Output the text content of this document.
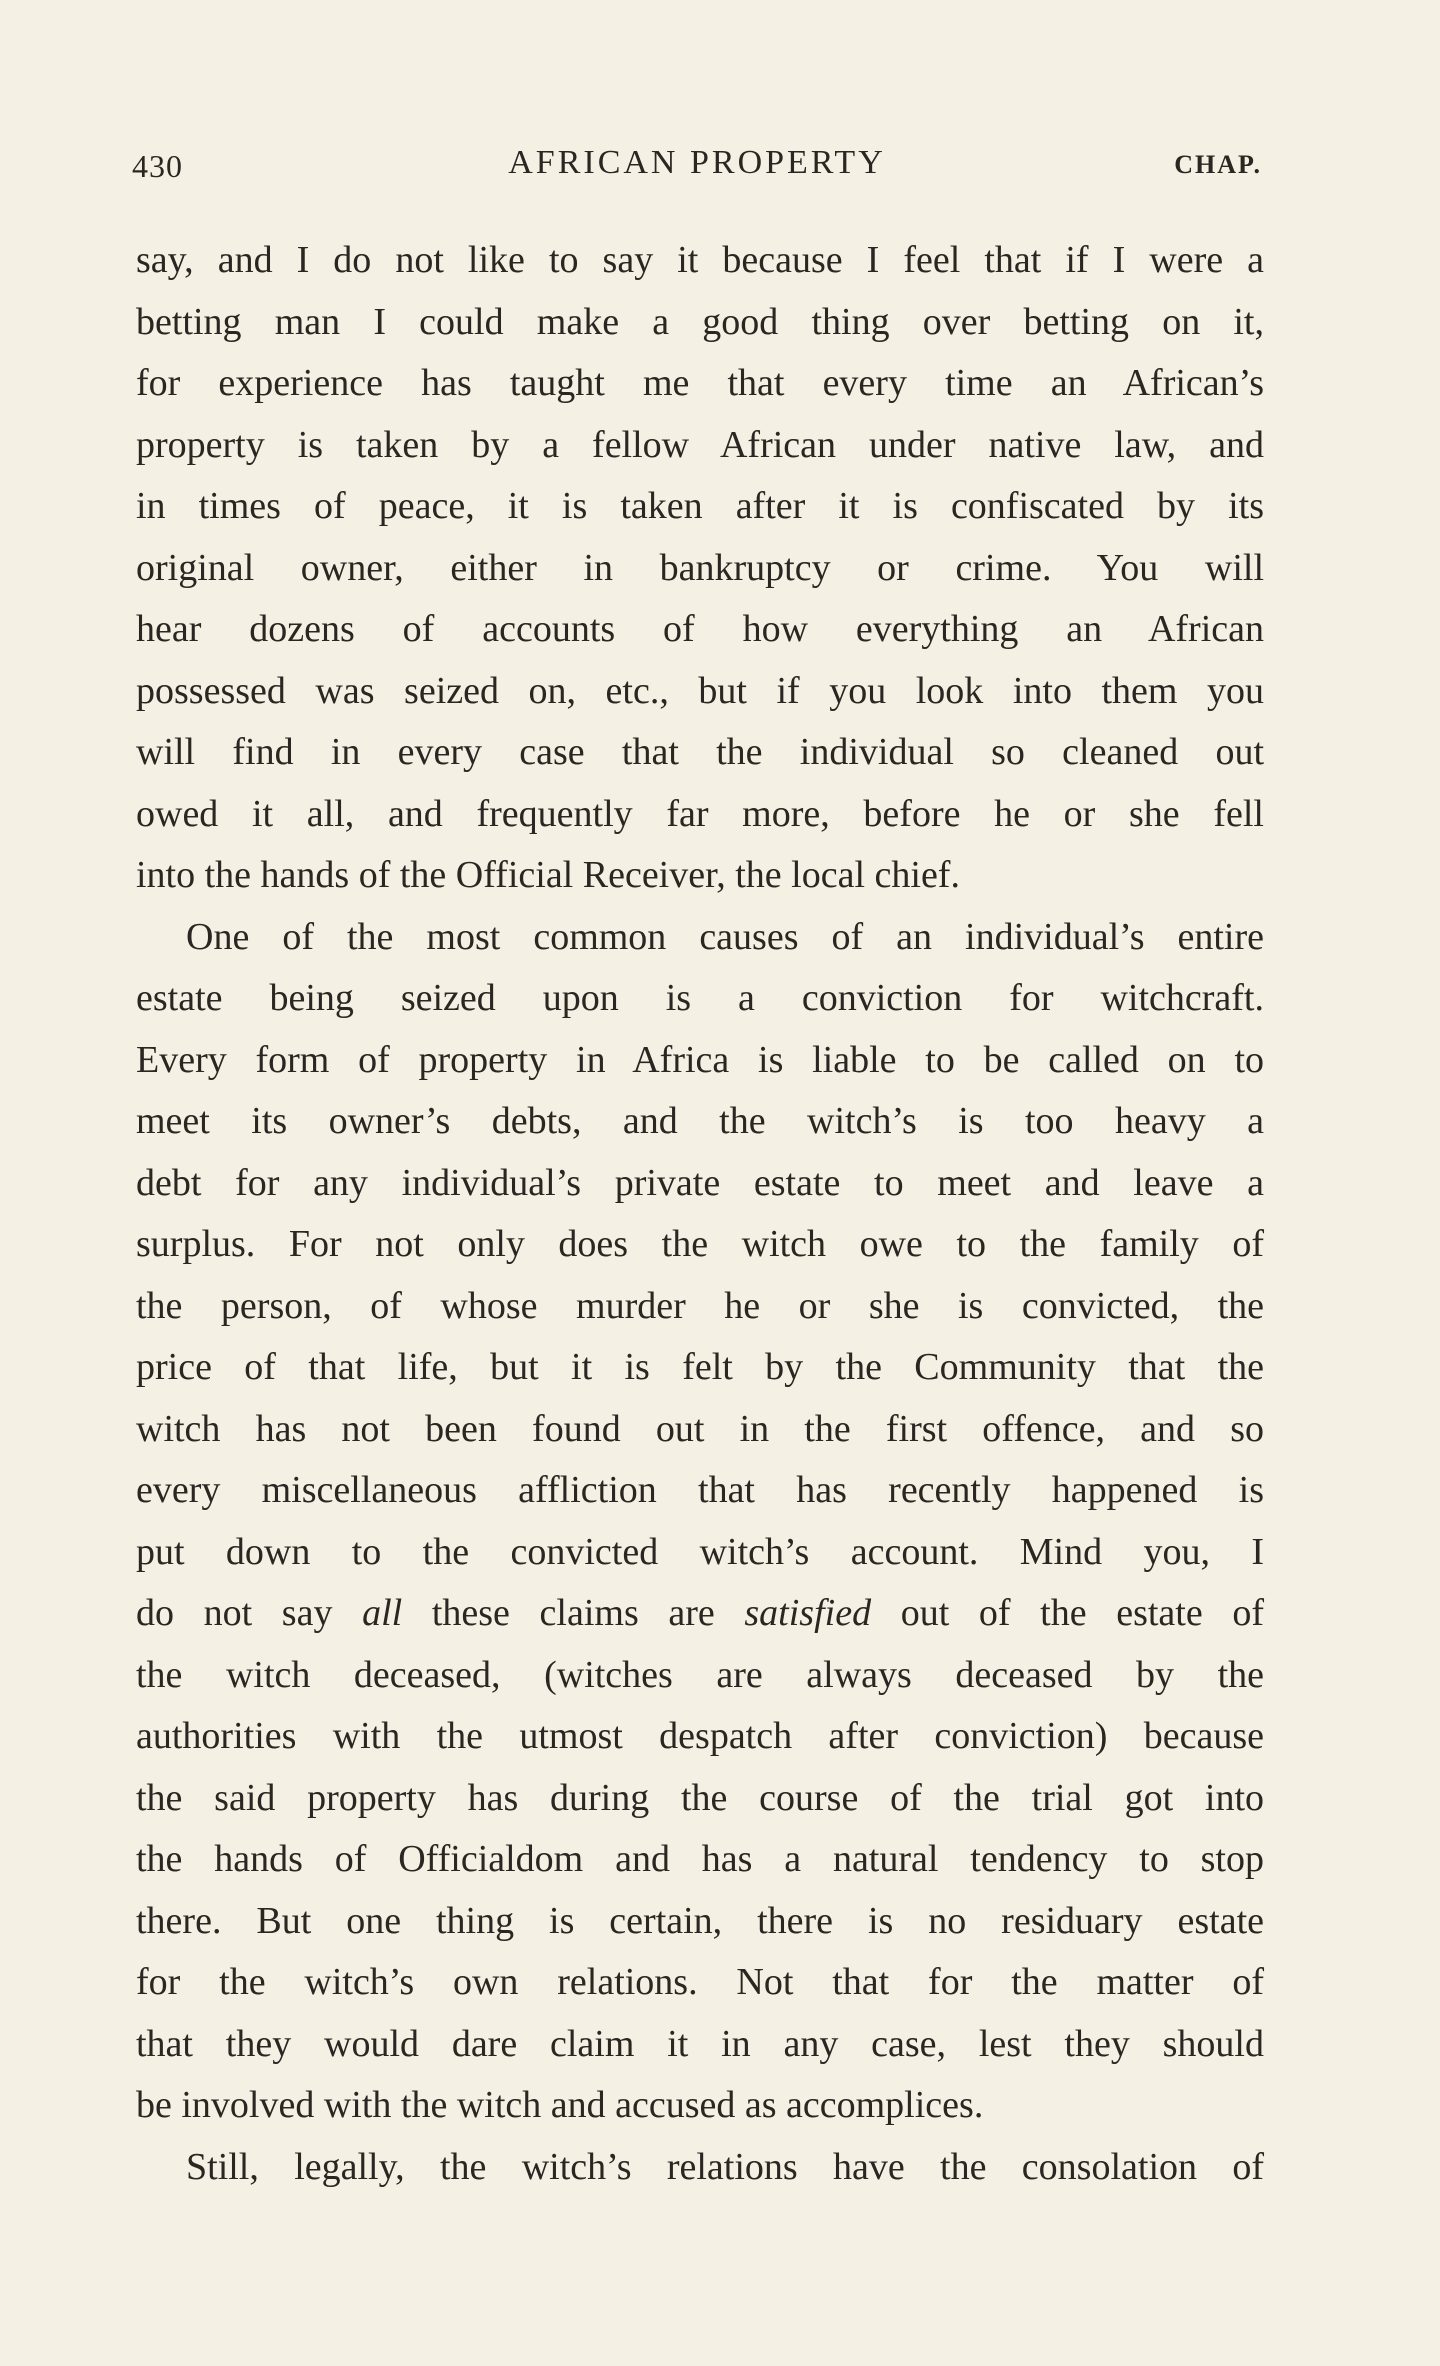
430	AFRICAN PROPERTY	CHAP.
say, and I do not like to say it because I feel that if I were a
betting man I could make a good thing over betting on it,
for experience has taught me that every time an African’s
property is taken by a fellow African under native law, and
in times of peace, it is taken after it is confiscated by its
original owner, either in bankruptcy or crime. You will
hear dozens of accounts of how everything an African
possessed was seized on, etc., but if you look into them you
will find in every case that the individual so cleaned out
owed it all, and frequently far more, before he or she fell
into the hands of the Official Receiver, the local chief.
One of the most common causes of an individual’s entire
estate being seized upon is a conviction for witchcraft.
Every form of property in Africa is liable to be called on to
meet its owner’s debts, and the witch’s is too heavy a
debt for any individual’s private estate to meet and leave a
surplus. For not only does the witch owe to the family of
the person, of whose murder he or she is convicted, the
price of that life, but it is felt by the Community that the
witch has not been found out in the first offence, and so
every miscellaneous affliction that has recently happened is
put down to the convicted witch’s account. Mind you, I
do not say all these claims are satisfied out of the estate of
the witch deceased, (witches are always deceased by the
authorities with the utmost despatch after conviction) because
the said property has during the course of the trial got into
the hands of Officialdom and has a natural tendency to stop
there. But one thing is certain, there is no residuary estate
for the witch’s own relations. Not that for the matter of
that they would dare claim it in any case, lest they should
be involved with the witch and accused as accomplices.
Still, legally, the witch’s relations have the consolation of
